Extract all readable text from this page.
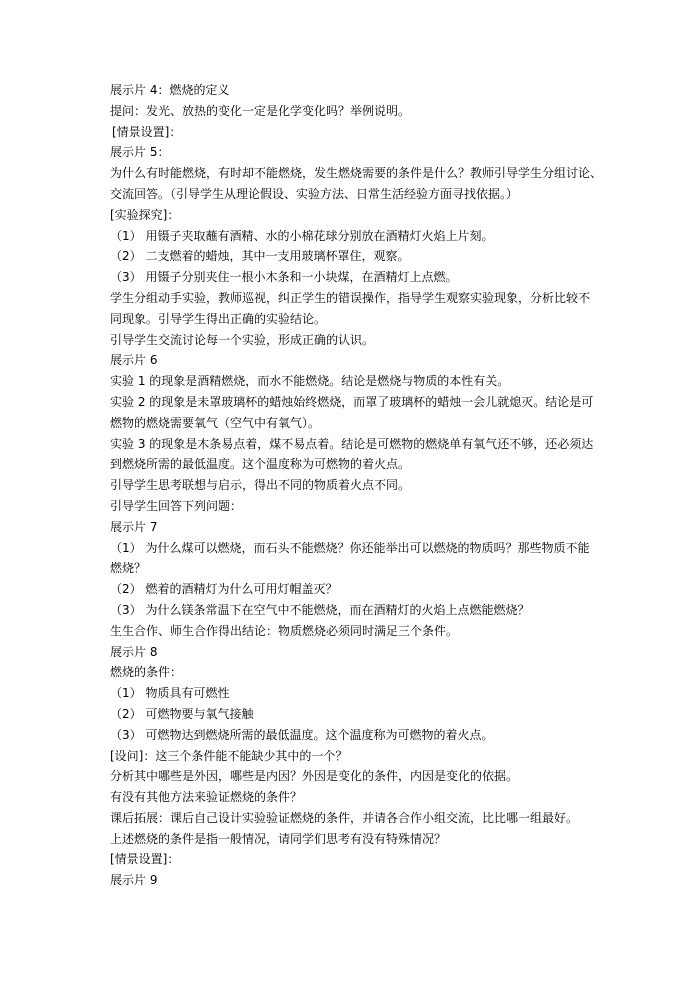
展示片 4：燃烧的定义

提问：发光、放热的变化一定是化学变化吗？举例说明。

[情景设置]：

展示片 5：

为什么有时能燃烧，有时却不能燃烧，发生燃烧需要的条件是什么？教师引导学生分组讨论、

交流回答。（引导学生从理论假设、实验方法、日常生活经验方面寻找依据。）

[实验探究]：

（1） 用镊子夹取蘸有酒精、水的小棉花球分别放在酒精灯火焰上片刻。

（2） 二支燃着的蜡烛，其中一支用玻璃杯罩住，观察。

（3） 用镊子分别夹住一根小木条和一小块煤，在酒精灯上点燃。

学生分组动手实验，教师巡视，纠正学生的错误操作，指导学生观察实验现象，分析比较不

同现象。引导学生得出正确的实验结论。

引导学生交流讨论每一个实验，形成正确的认识。

展示片 6

实验 1 的现象是酒精燃烧，而水不能燃烧。结论是燃烧与物质的本性有关。

实验 2 的现象是未罩玻璃杯的蜡烛始终燃烧，而罩了玻璃杯的蜡烛一会儿就熄灭。结论是可

燃物的燃烧需要氧气（空气中有氧气）。

实验 3 的现象是木条易点着，煤不易点着。结论是可燃物的燃烧单有氧气还不够，还必须达

到燃烧所需的最低温度。这个温度称为可燃物的着火点。

引导学生思考联想与启示，得出不同的物质着火点不同。

引导学生回答下列问题：

展示片 7

（1） 为什么煤可以燃烧，而石头不能燃烧？你还能举出可以燃烧的物质吗？那些物质不能

燃烧？

（2） 燃着的酒精灯为什么可用灯帽盖灭？

（3） 为什么镁条常温下在空气中不能燃烧，而在酒精灯的火焰上点燃能燃烧？

生生合作、师生合作得出结论：物质燃烧必须同时满足三个条件。

展示片 8

燃烧的条件：

（1） 物质具有可燃性

（2） 可燃物要与氧气接触

（3） 可燃物达到燃烧所需的最低温度。这个温度称为可燃物的着火点。

[设问]：这三个条件能不能缺少其中的一个？

分析其中哪些是外因，哪些是内因？外因是变化的条件，内因是变化的依据。

有没有其他方法来验证燃烧的条件？

课后拓展：课后自己设计实验验证燃烧的条件，并请各合作小组交流，比比哪一组最好。

上述燃烧的条件是指一般情况，请同学们思考有没有特殊情况？

[情景设置]：

展示片 9
